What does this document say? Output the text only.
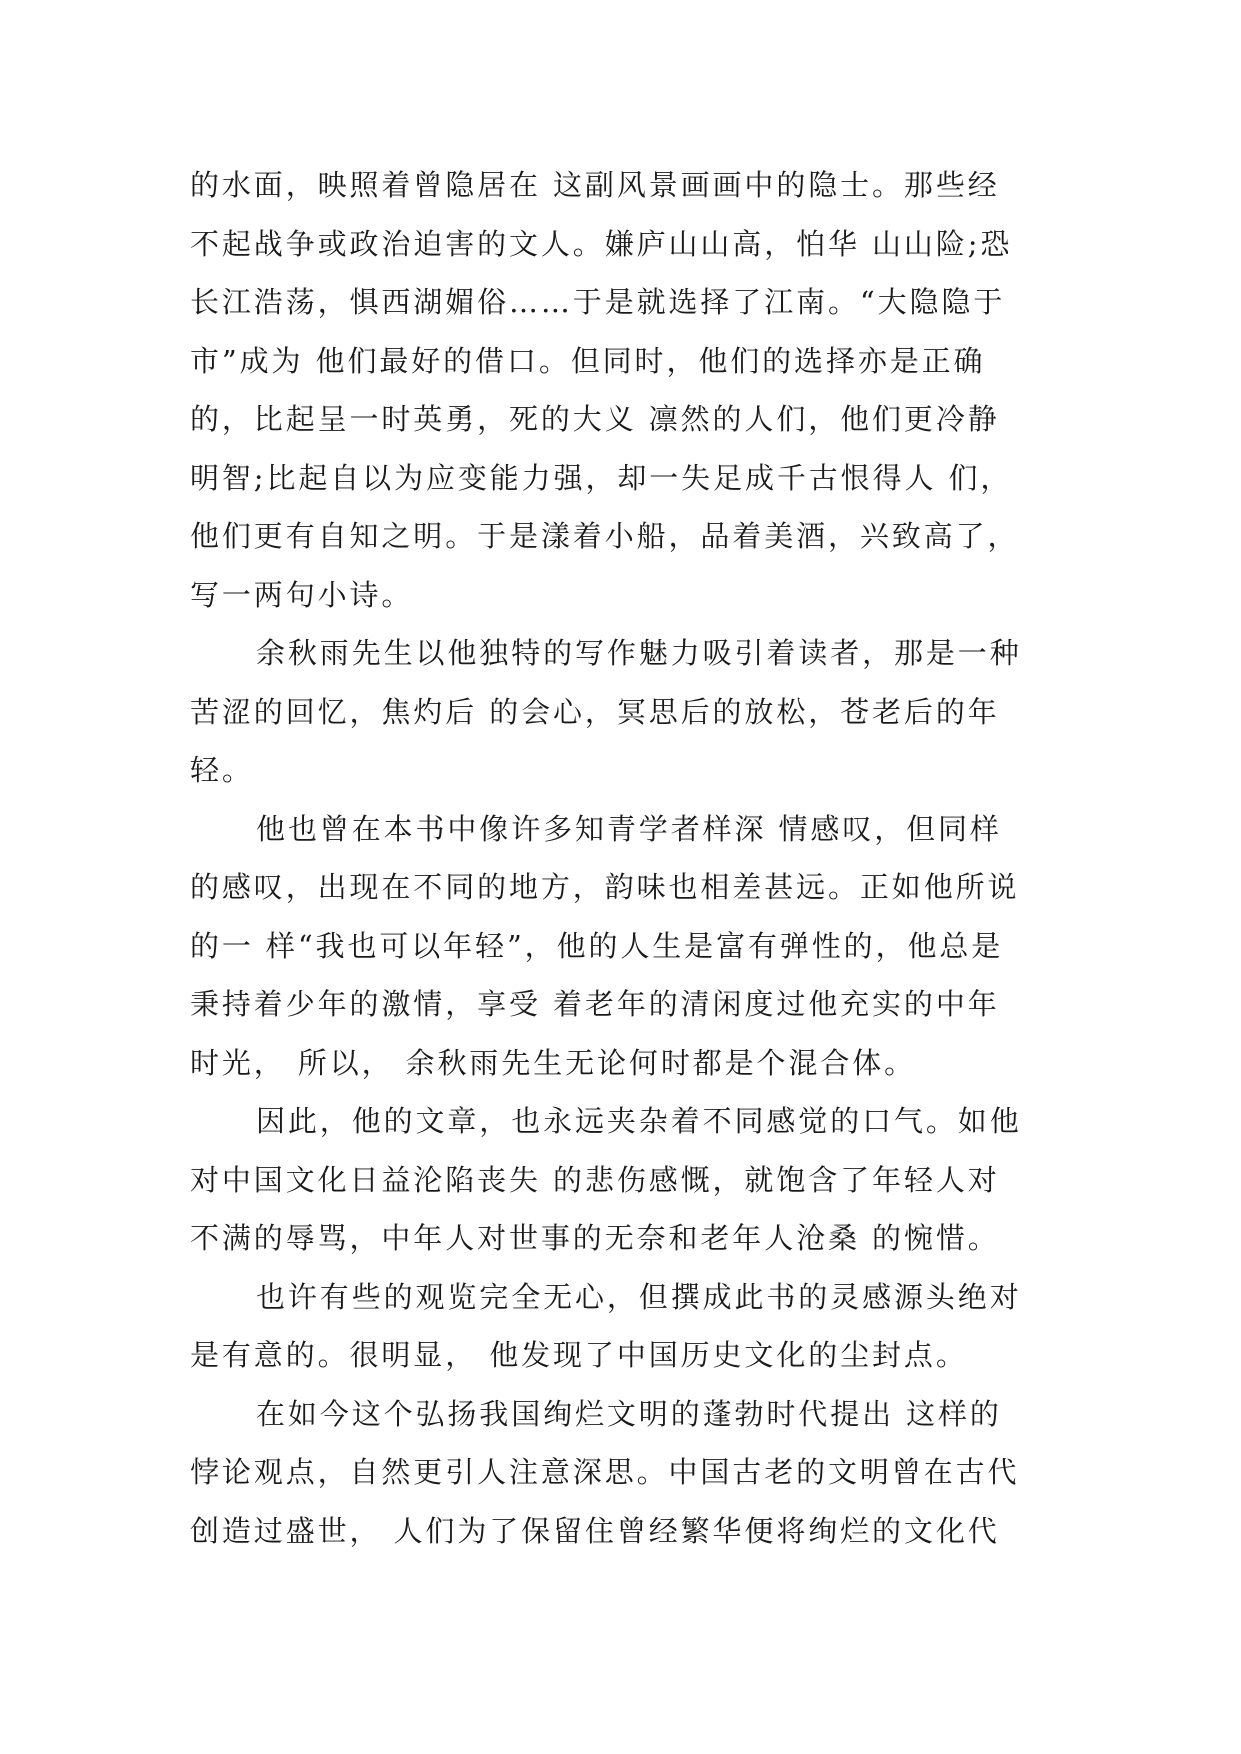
的水面，映照着曾隐居在 这副风景画画中的隐士。那些经
不起战争或政治迫害的文人。嫌庐山山高，怕华 山山险;恐
长江浩荡，惧西湖媚俗……于是就选择了江南。“大隐隐于
市”成为 他们最好的借口。但同时，他们的选择亦是正确
的，比起呈一时英勇，死的大义 凛然的人们，他们更冷静
明智;比起自以为应变能力强，却一失足成千古恨得人 们，
他们更有自知之明。于是漾着小船，品着美酒，兴致高了，
写一两句小诗。
余秋雨先生以他独特的写作魅力吸引着读者，那是一种
苦涩的回忆，焦灼后 的会心，冥思后的放松，苍老后的年
轻。
他也曾在本书中像许多知青学者样深 情感叹，但同样
的感叹，出现在不同的地方，韵味也相差甚远。正如他所说
的一 样“我也可以年轻”，他的人生是富有弹性的，他总是
秉持着少年的激情，享受 着老年的清闲度过他充实的中年
时光， 所以， 余秋雨先生无论何时都是个混合体。
因此，他的文章，也永远夹杂着不同感觉的口气。如他
对中国文化日益沦陷丧失 的悲伤感慨，就饱含了年轻人对
不满的辱骂，中年人对世事的无奈和老年人沧桑 的惋惜。
也许有些的观览完全无心，但撰成此书的灵感源头绝对
是有意的。很明显， 他发现了中国历史文化的尘封点。
在如今这个弘扬我国绚烂文明的蓬勃时代提出 这样的
悖论观点，自然更引人注意深思。中国古老的文明曾在古代
创造过盛世， 人们为了保留住曾经繁华便将绚烂的文化代
